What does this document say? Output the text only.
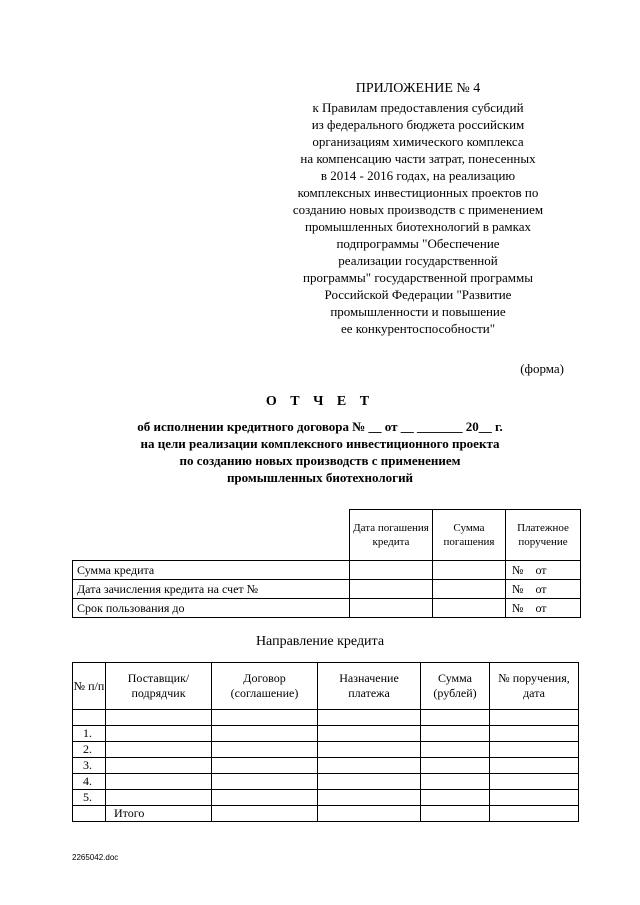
ПРИЛОЖЕНИЕ № 4
к Правилам предоставления субсидий
из федерального бюджета российским
организациям химического комплекса
на компенсацию части затрат, понесенных
в 2014 - 2016 годах, на реализацию
комплексных инвестиционных проектов по
созданию новых производств с применением
промышленных биотехнологий в рамках
подпрограммы "Обеспечение
реализации государственной
программы" государственной программы
Российской Федерации "Развитие
промышленности и повышение
ее конкурентоспособности"
(форма)
О Т Ч Е Т
об исполнении кредитного договора № __ от __ _______ 20__ г.
на цели реализации комплексного инвестиционного проекта
по созданию новых производств с применением
промышленных биотехнологий
	Дата погашения кредита	Сумма погашения	Платежное поручение
Сумма кредита			№    от
Дата зачисления кредита на счет №			№    от
Срок пользования до			№    от
Направление кредита
№ п/п	Поставщик/ подрядчик	Договор (соглашение)	Назначение платежа	Сумма (рублей)	№ поручения, дата

1.					
2.					
3.					
4.					
5.					
	Итого				
2265042.doc
